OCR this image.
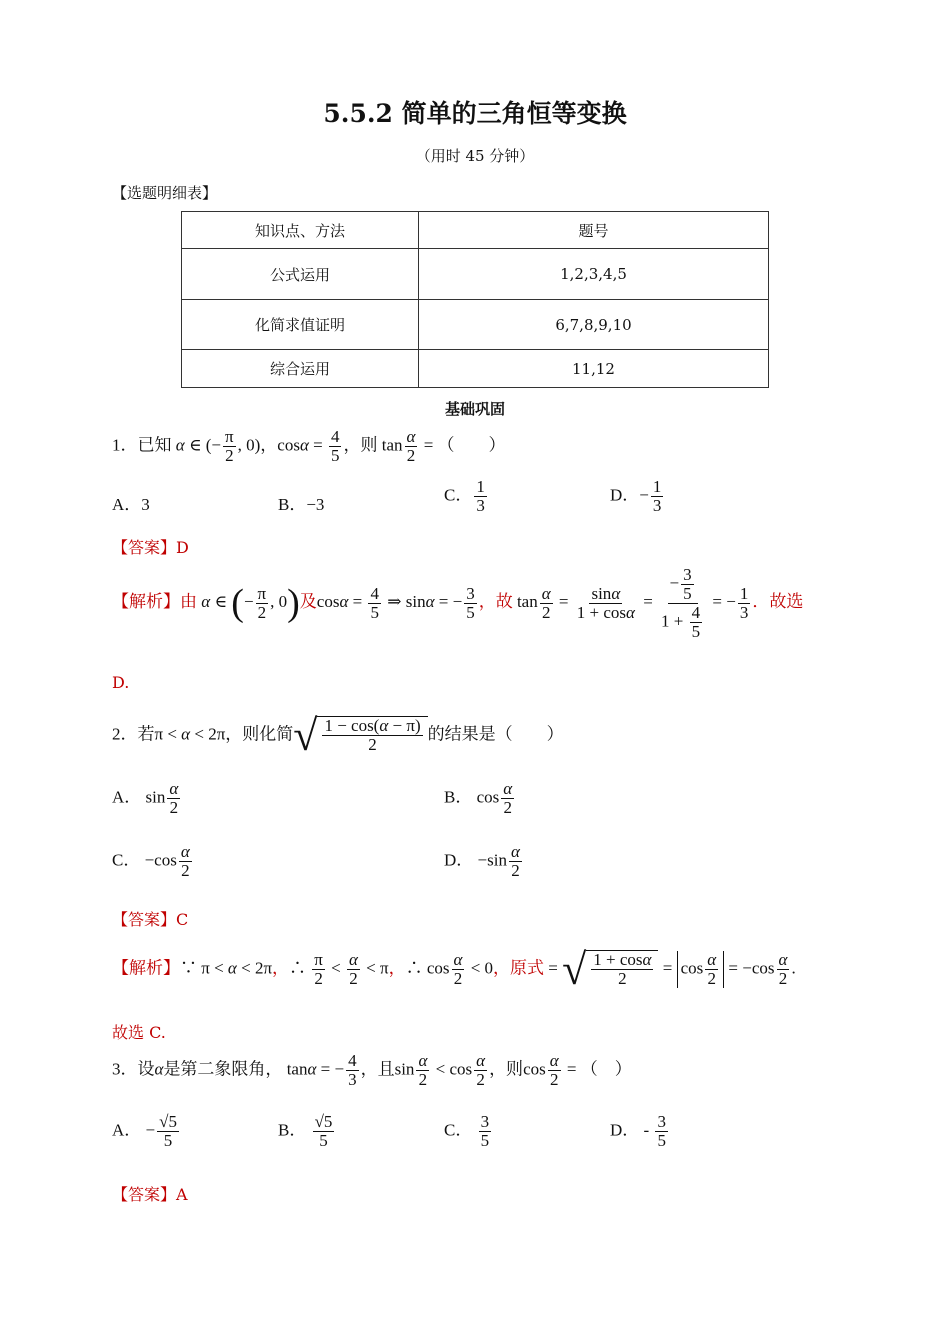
5.5.2 简单的三角恒等变换
（用时 45 分钟）
【选题明细表】
知识点、方法	题号
公式运用	1,2,3,4,5
化简求值证明	6,7,8,9,10
综合运用	11,12
基础巩固
1．已知 α ∈ (− $\frac{\pi}{2}$ , 0)，$\cos\alpha = \frac{4}{5}$ ，则 $\tan \frac{\alpha}{2}$ = （　　）
A．3	B．−3
C． $\frac{1}{3}$	D．− $\frac{1}{3}$
【答案】D
【解析】由 α ∈ (− $\frac{\pi}{2}$ , 0)及$\cos\alpha = \frac{4}{5}$ ⇒ sinα = − $\frac{3}{5}$ ，故 $\tan \frac{\alpha}{2} = \frac{\sin\alpha}{1 + \cos\alpha} = \frac{- \frac{3}{5}}{1 + \frac{4}{5}}$ = − $\frac{1}{3}$ ．故选
D.
2．若π < α < 2π，则化简√ $\frac{1 - \cos(\alpha - \pi)}{2}$ 的结果是（　　）
A． $\sin \frac{\alpha}{2}$	B． $\cos \frac{\alpha}{2}$
C． $-\cos \frac{\alpha}{2}$	D． $-\sin \frac{\alpha}{2}$
【答案】C
【解析】∵ π < α < 2π，∴ $\frac{\pi}{2} < \frac{\alpha}{2} < \pi$，∴ $\cos \frac{\alpha}{2} < 0$，原式 = √ $\frac{1 + \cos\alpha}{2} = \cos \frac{\alpha}{2} = -\cos \frac{\alpha}{2}$ .
故选 C.
3．设α是第二象限角， tanα = − $\frac{4}{3}$ ，且$\sin \frac{\alpha}{2} < \cos \frac{\alpha}{2}$ ，则$\cos \frac{\alpha}{2}$ = （　）
A． − $\frac{√5}{5}$	B． $\frac{√5}{5}$	C． $\frac{3}{5}$	D． - $\frac{3}{5}$
【答案】A
